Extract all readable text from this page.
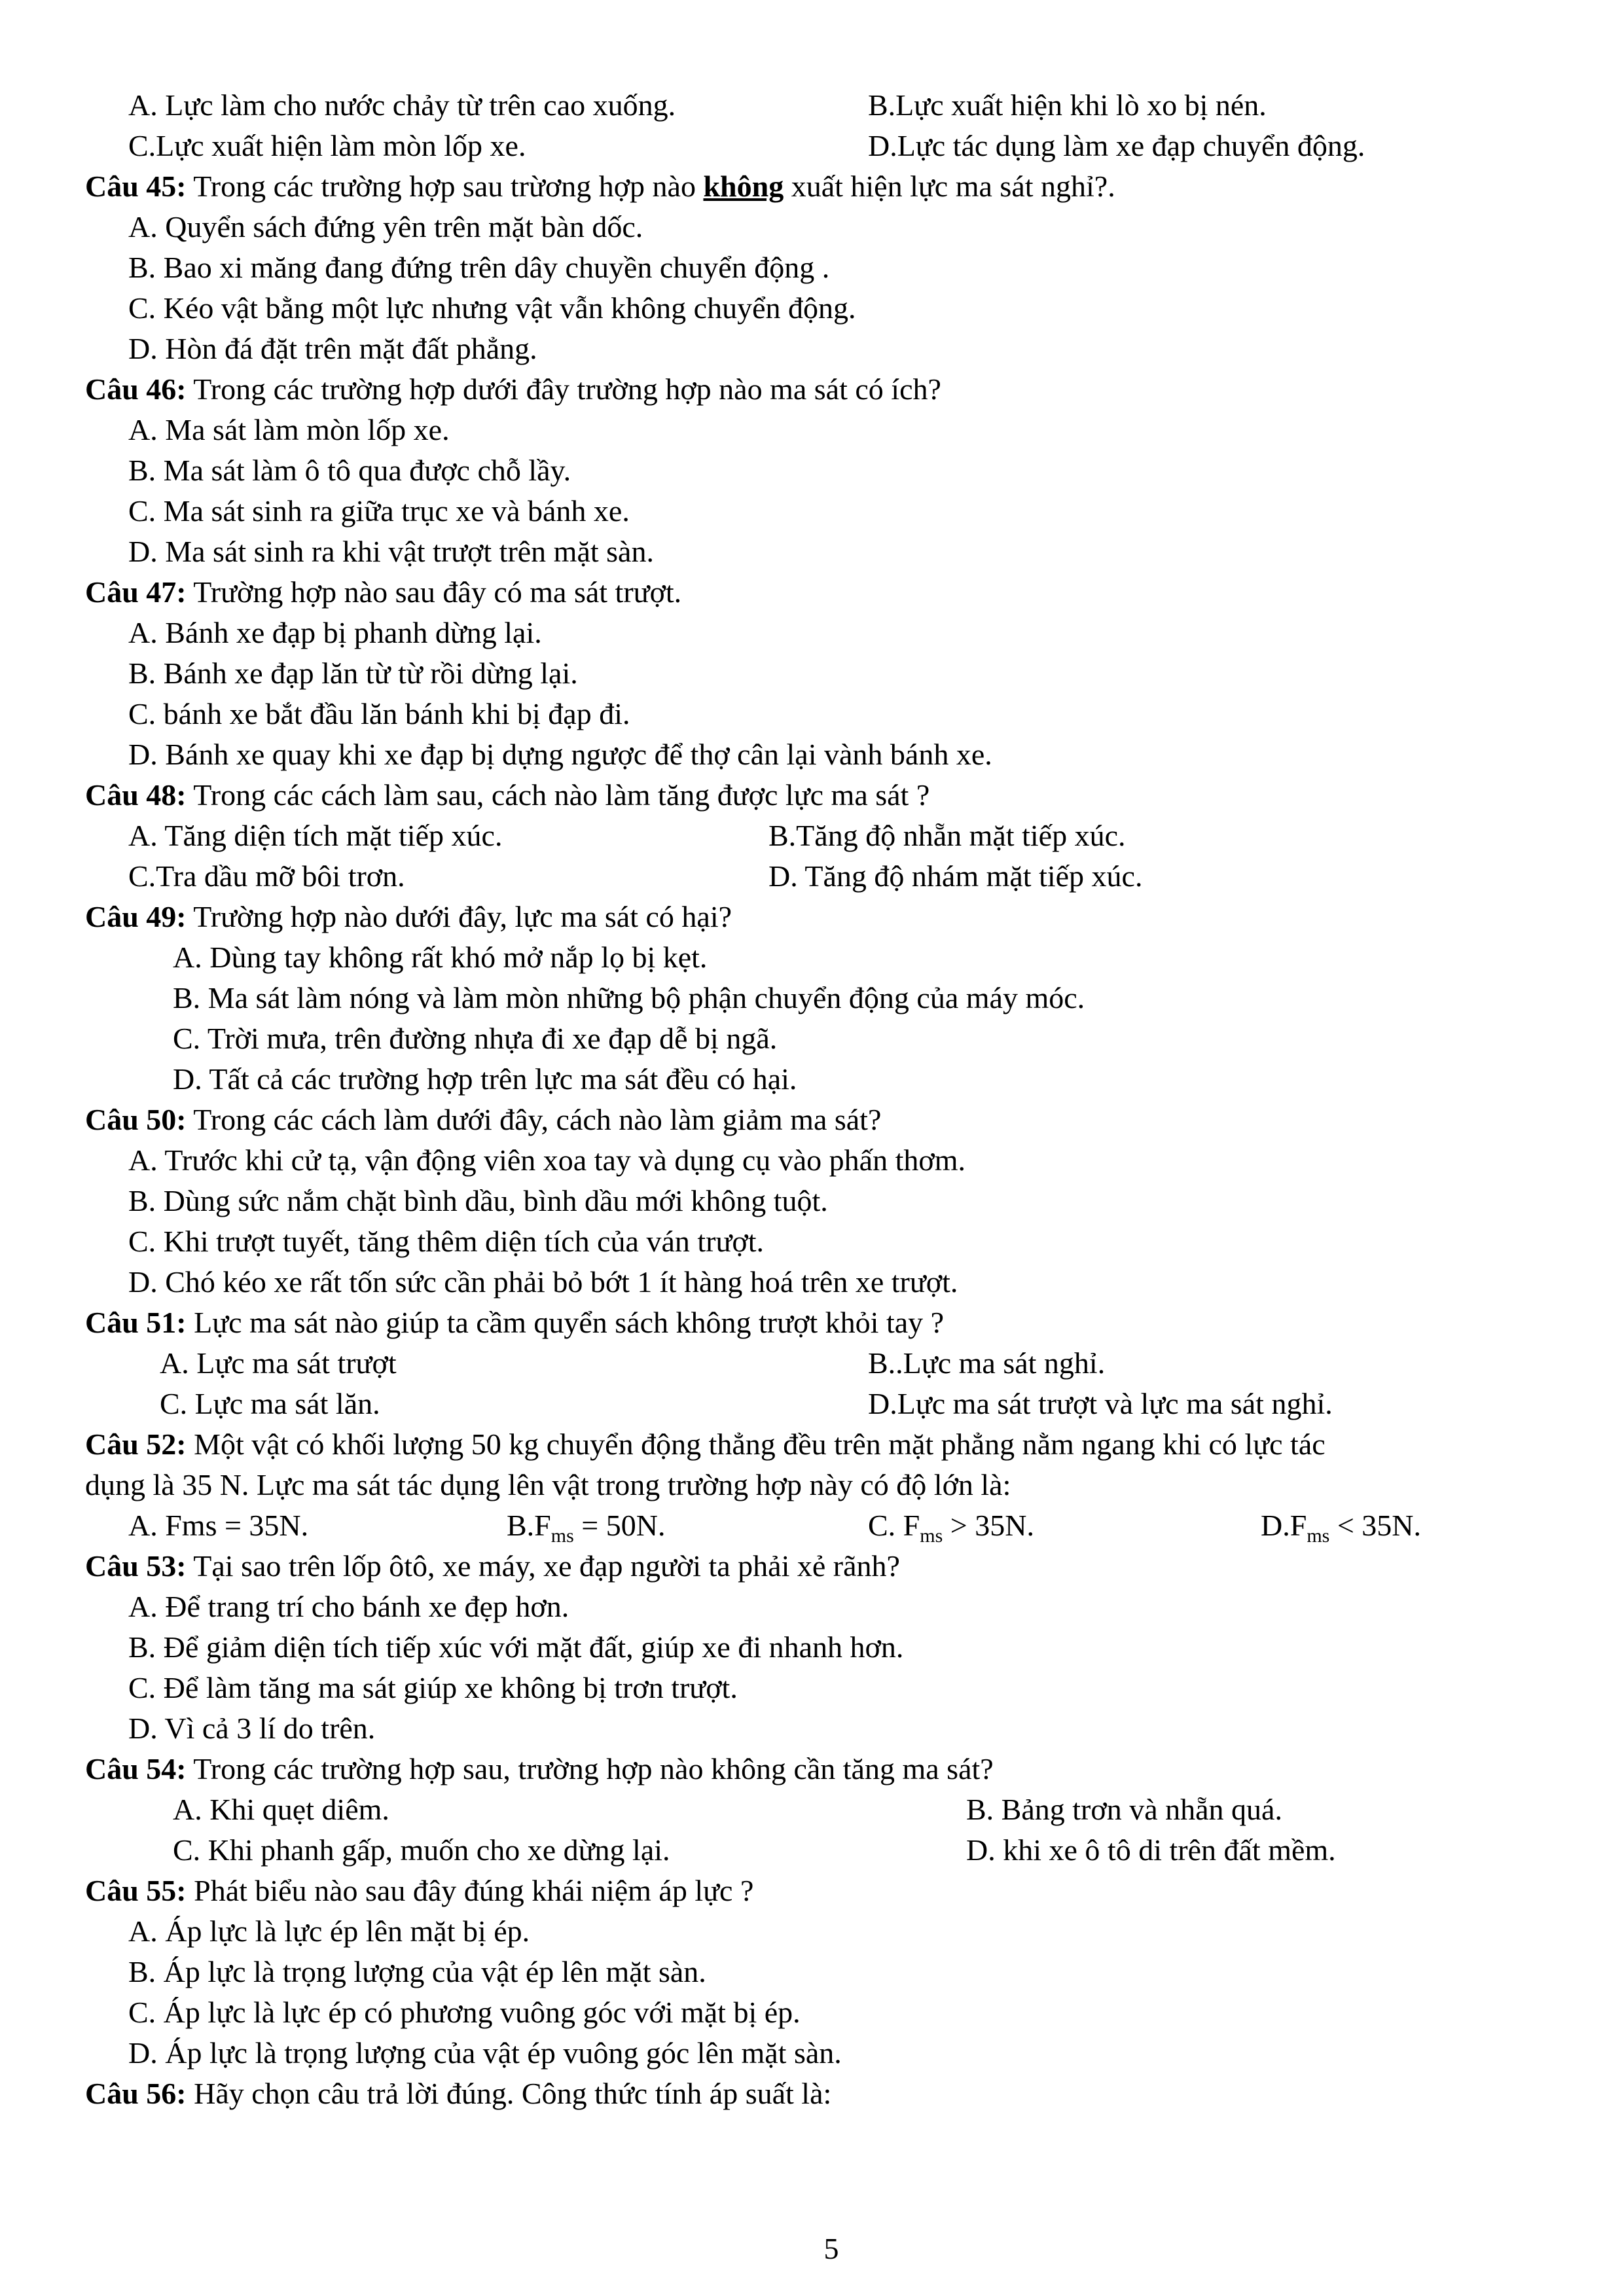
A. Lực làm cho nước chảy từ trên cao xuống.	B.Lực xuất hiện khi lò xo bị nén.
C.Lực xuất hiện làm mòn lốp xe.	D.Lực tác dụng làm xe đạp chuyển động.
Câu 45: Trong các trường hợp sau trừơng hợp nào không xuất hiện lực ma sát nghỉ?.
A. Quyển sách đứng yên trên mặt bàn dốc.
B. Bao xi măng đang đứng trên dây chuyền chuyển động .
C. Kéo vật bằng một lực nhưng vật vẫn không chuyển động.
D. Hòn đá đặt trên mặt đất phẳng.
Câu 46: Trong các trường hợp dưới đây trường hợp nào ma sát có ích?
A. Ma sát làm mòn lốp xe.
B. Ma sát làm ô tô qua được chỗ lầy.
C. Ma sát sinh ra giữa trục xe và bánh xe.
D. Ma sát sinh ra khi vật trượt trên mặt sàn.
Câu 47: Trường hợp nào sau đây có ma sát trượt.
A. Bánh xe đạp bị phanh dừng lại.
B. Bánh xe đạp lăn từ từ rồi dừng lại.
C. bánh xe bắt đầu lăn bánh khi bị đạp đi.
D. Bánh xe quay khi xe đạp bị dựng ngược để thợ cân lại vành bánh xe.
Câu 48: Trong các cách làm sau, cách nào làm tăng được lực ma sát ?
A. Tăng diện tích mặt tiếp xúc.	B.Tăng độ nhẵn mặt tiếp xúc.
C.Tra dầu mỡ bôi trơn.	D. Tăng độ nhám mặt tiếp xúc.
Câu 49: Trường hợp nào dưới đây, lực ma sát có hại?
A. Dùng tay không rất khó mở nắp lọ bị kẹt.
B. Ma sát làm nóng và làm mòn những bộ phận chuyển động của máy móc.
C. Trời mưa, trên đường nhựa đi xe đạp dễ bị ngã.
D. Tất cả các trường hợp trên lực ma sát đều có hại.
Câu 50: Trong các cách làm dưới đây, cách nào làm giảm ma sát?
A. Trước khi cử tạ, vận động viên xoa tay và dụng cụ vào phấn thơm.
B. Dùng sức nắm chặt bình dầu, bình dầu mới không tuột.
C. Khi trượt tuyết, tăng thêm diện tích của ván trượt.
D. Chó kéo xe rất tốn sức cần phải bỏ bớt 1 ít hàng hoá trên xe trượt.
Câu 51: Lực ma sát nào giúp ta cầm quyển sách không trượt khỏi tay ?
A. Lực ma sát trượt	B..Lực ma sát nghỉ.
C. Lực ma sát lăn.	D.Lực ma sát trượt và lực ma sát nghỉ.
Câu 52: Một vật có khối lượng 50 kg chuyển động thẳng đều trên mặt phẳng nằm ngang khi có lực tác
dụng là 35 N. Lực ma sát tác dụng lên vật trong trường hợp này có độ lớn là:
A. Fms = 35N.	$B.F_{ms} = 50N$.	C. $F_{ms} > 35N$.	$D.F_{ms} < 35N$.
Câu 53: Tại sao trên lốp ôtô, xe máy, xe đạp người ta phải xẻ rãnh?
A. Để trang trí cho bánh xe đẹp hơn.
B. Để giảm diện tích tiếp xúc với mặt đất, giúp xe đi nhanh hơn.
C. Để làm tăng ma sát giúp xe không bị trơn trượt.
D. Vì cả 3 lí do trên.
Câu 54: Trong các trường hợp sau, trường hợp nào không cần tăng ma sát?
A. Khi quẹt diêm.	B. Bảng trơn và nhẵn quá.
C. Khi phanh gấp, muốn cho xe dừng lại.	D. khi xe ô tô di trên đất mềm.
Câu 55: Phát biểu nào sau đây đúng khái niệm áp lực ?
A. Áp lực là lực ép lên mặt bị ép.
B. Áp lực là trọng lượng của vật ép lên mặt sàn.
C. Áp lực là lực ép có phương vuông góc với mặt bị ép.
D. Áp lực là trọng lượng của vật ép vuông góc lên mặt sàn.
Câu 56: Hãy chọn câu trả lời đúng. Công thức tính áp suất là:
5
